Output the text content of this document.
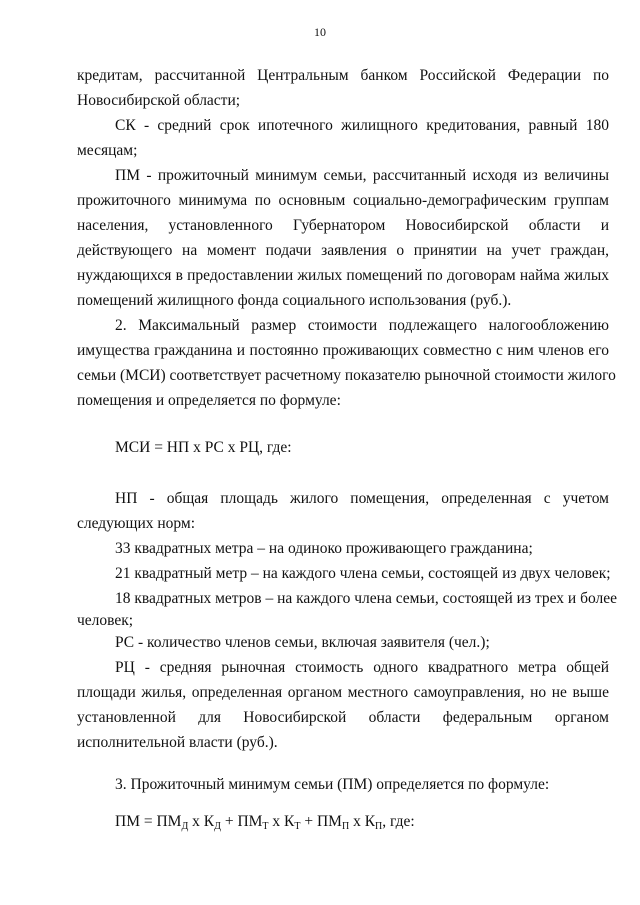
10
кредитам, рассчитанной Центральным банком Российской Федерации по
Новосибирской области;
СК - средний срок ипотечного жилищного кредитования, равный 180
месяцам;
ПМ - прожиточный минимум семьи, рассчитанный исходя из величины
прожиточного минимума по основным социально-демографическим группам
населения, установленного Губернатором Новосибирской области и
действующего на момент подачи заявления о принятии на учет граждан,
нуждающихся в предоставлении жилых помещений по договорам найма жилых
помещений жилищного фонда социального использования (руб.).
2. Максимальный размер стоимости подлежащего налогообложению
имущества гражданина и постоянно проживающих совместно с ним членов его
семьи (МСИ) соответствует расчетному показателю рыночной стоимости жилого
помещения и определяется по формуле:
МСИ = НП х РС х РЦ, где:
НП - общая площадь жилого помещения, определенная с учетом
следующих норм:
33 квадратных метра – на одиноко проживающего гражданина;
21 квадратный метр – на каждого члена семьи, состоящей из двух человек;
18 квадратных метров – на каждого члена семьи, состоящей из трех и более
человек;
РС - количество членов семьи, включая заявителя (чел.);
РЦ - средняя рыночная стоимость одного квадратного метра общей
площади жилья, определенная органом местного самоуправления, но не выше
установленной для Новосибирской области федеральным органом
исполнительной власти (руб.).
3. Прожиточный минимум семьи (ПМ) определяется по формуле:
ПМ = $ПМ_Д$ х $К_Д + ПМ_Т$ х $К_Т + ПМ_П$ х $К_П$, где:
